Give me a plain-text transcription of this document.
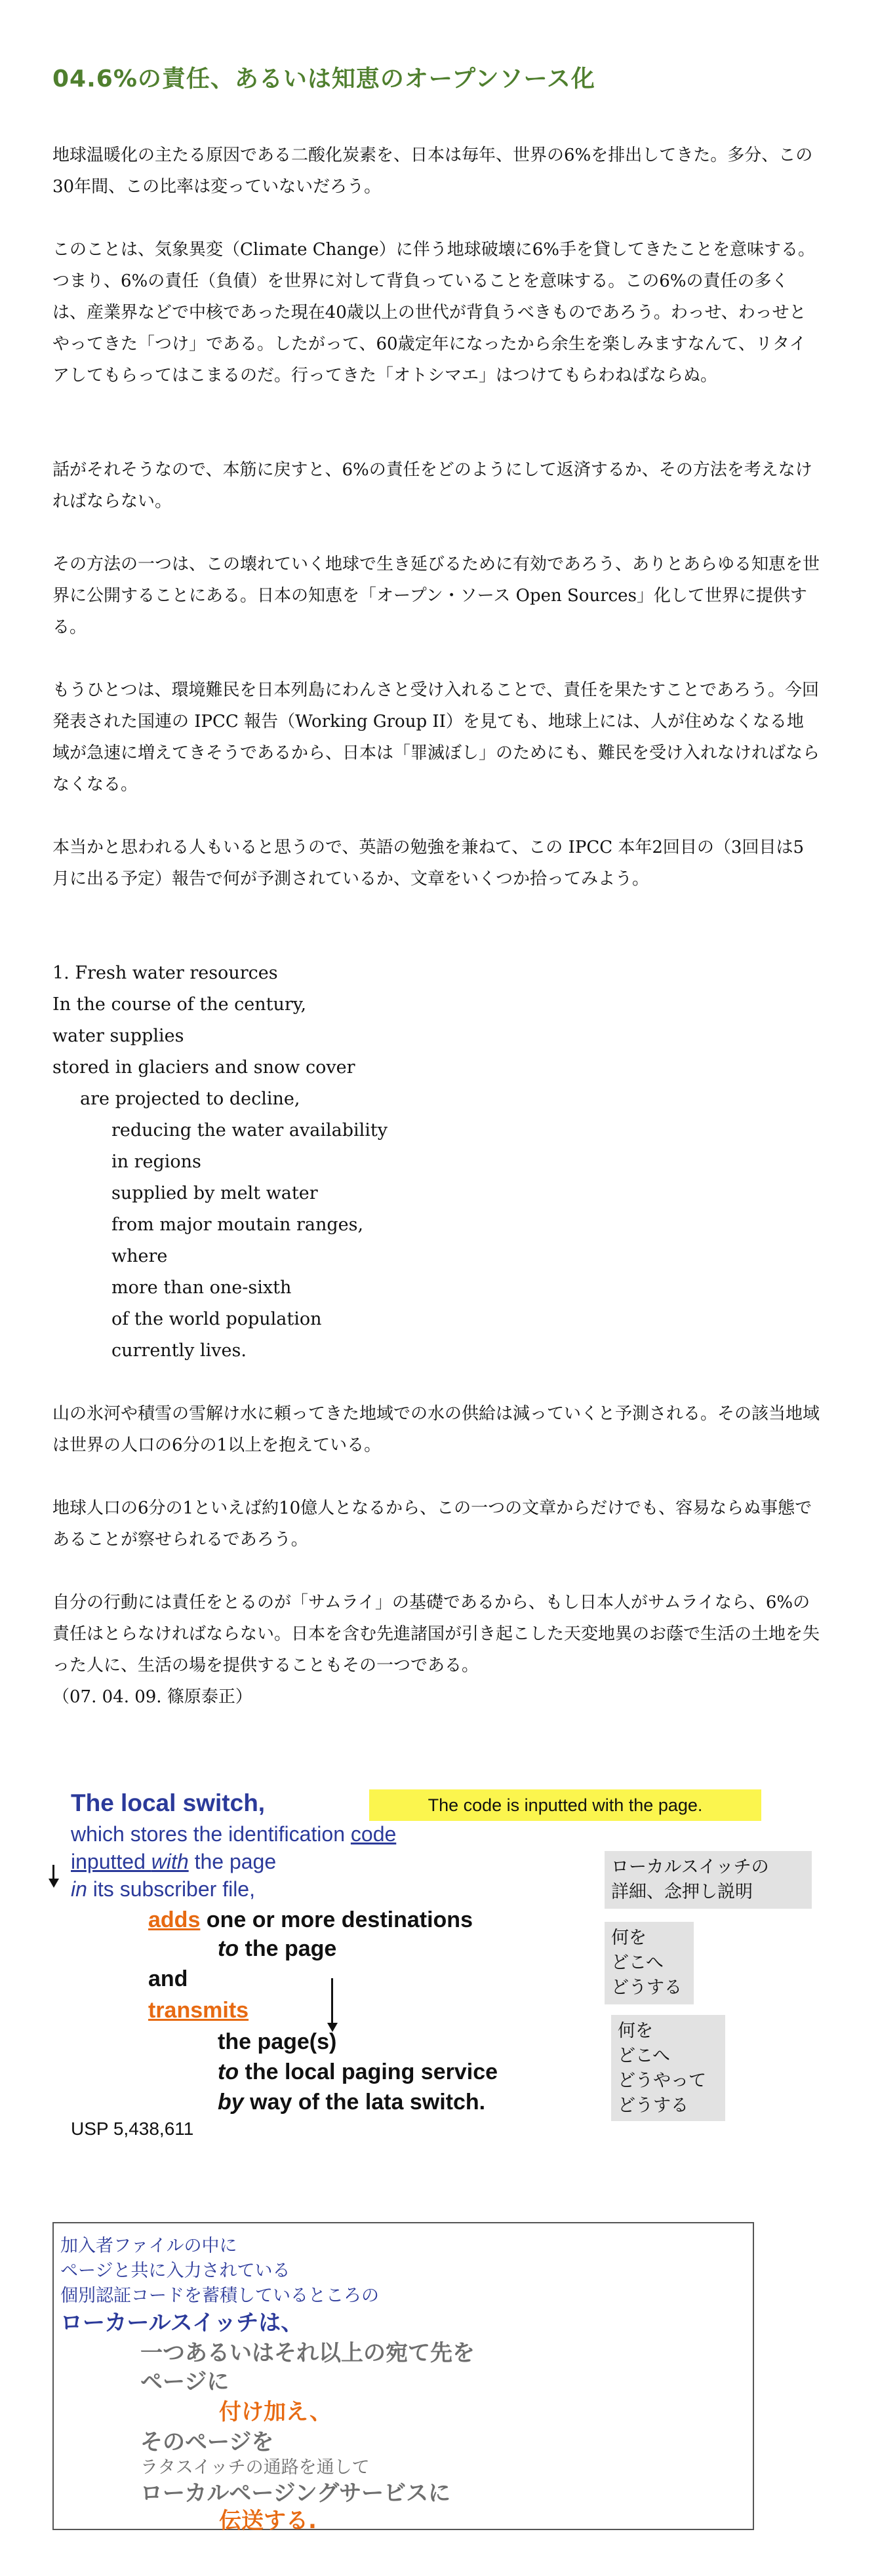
04.6%の責任、あるいは知恵のオープンソース化

地球温暖化の主たる原因である二酸化炭素を、日本は毎年、世界の6%を排出してきた。多分、この30年間、この比率は変っていないだろう。

このことは、気象異変（Climate Change）に伴う地球破壊に6%手を貸してきたことを意味する。つまり、6%の責任（負債）を世界に対して背負っていることを意味する。この6%の責任の多くは、産業界などで中核であった現在40歳以上の世代が背負うべきものであろう。わっせ、わっせとやってきた「つけ」である。したがって、60歳定年になったから余生を楽しみますなんて、リタイアしてもらってはこまるのだ。行ってきた「オトシマエ」はつけてもらわねばならぬ。

話がそれそうなので、本筋に戻すと、6%の責任をどのようにして返済するか、その方法を考えなければならない。

その方法の一つは、この壊れていく地球で生き延びるために有効であろう、ありとあらゆる知恵を世界に公開することにある。日本の知恵を「オープン・ソース Open Sources」化して世界に提供する。

もうひとつは、環境難民を日本列島にわんさと受け入れることで、責任を果たすことであろう。今回発表された国連の IPCC 報告（Working Group II）を見ても、地球上には、人が住めなくなる地域が急速に増えてきそうであるから、日本は「罪滅ぼし」のためにも、難民を受け入れなければならなくなる。

本当かと思われる人もいると思うので、英語の勉強を兼ねて、この IPCC 本年2回目の（3回目は5月に出る予定）報告で何が予測されているか、文章をいくつか拾ってみよう。

1. Fresh water resources
In the course of the century,
water supplies
stored in glaciers and snow cover
are projected to decline,
reducing the water availability
in regions
supplied by melt water
from major moutain ranges,
where
more than one-sixth
of the world population
currently lives.

山の氷河や積雪の雪解け水に頼ってきた地域での水の供給は減っていくと予測される。その該当地域は世界の人口の6分の1以上を抱えている。

地球人口の6分の1といえば約10億人となるから、この一つの文章からだけでも、容易ならぬ事態であることが察せられるであろう。

自分の行動には責任をとるのが「サムライ」の基礎であるから、もし日本人がサムライなら、6%の責任はとらなければならない。日本を含む先進諸国が引き起こした天変地異のお蔭で生活の土地を失った人に、生活の場を提供することもその一つである。

（07. 04. 09. 篠原泰正）

The code is inputted with the page.
The local switch,
which stores the identification code
inputted with the page
in its subscriber file,
adds one or more destinations
to the page
and
transmits
the page(s)
to the local paging service
by way of the lata switch.
USP 5,438,611
ローカルスイッチの
詳細、念押し説明
何を
どこへ
どうする
何を
どこへ
どうやって
どうする
加入者ファイルの中に
ページと共に入力されている
個別認証コードを蓄積しているところの
ローカールスイッチは、
一つあるいはそれ以上の宛て先を
ページに
付け加え、
そのページを
ラタスイッチの通路を通して
ローカルページングサービスに
伝送する.
